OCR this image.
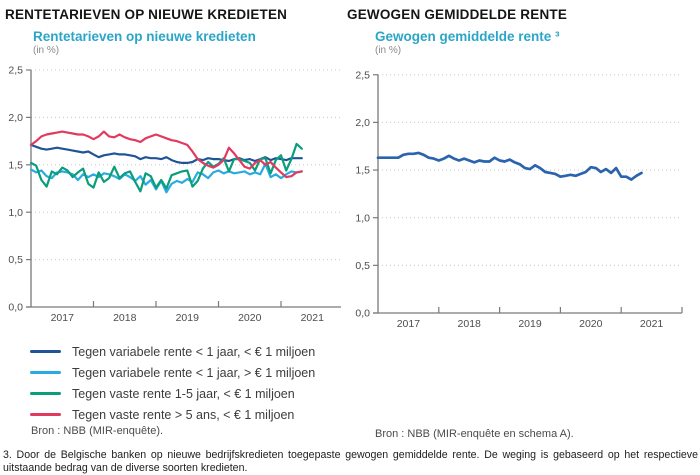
RENTETARIEVEN OP NIEUWE KREDIETEN
Rentetarieven op nieuwe kredieten
(in %)
0,0
0,5
1,0
1,5
2,0
2,5
2017	2018	2019	2020	2021
Tegen variabele rente < 1 jaar, < € 1 miljoen
Tegen variabele rente < 1 jaar, > € 1 miljoen
Tegen vaste rente 1-5 jaar, < € 1 miljoen
Tegen vaste rente > 5 ans, < € 1 miljoen
Bron : NBB (MIR-enquête).
GEWOGEN GEMIDDELDE RENTE
Gewogen gemiddelde rente ³
(in %)
0,0
0,5
1,0
1,5
2,0
2,5
2017	2018	2019	2020	2021
Bron : NBB (MIR-enquête en schema A).
3. Door de Belgische banken op nieuwe bedrijfskredieten toegepaste gewogen gemiddelde rente. De weging is gebaseerd op het respectieve uitstaande bedrag van de diverse soorten kredieten.
